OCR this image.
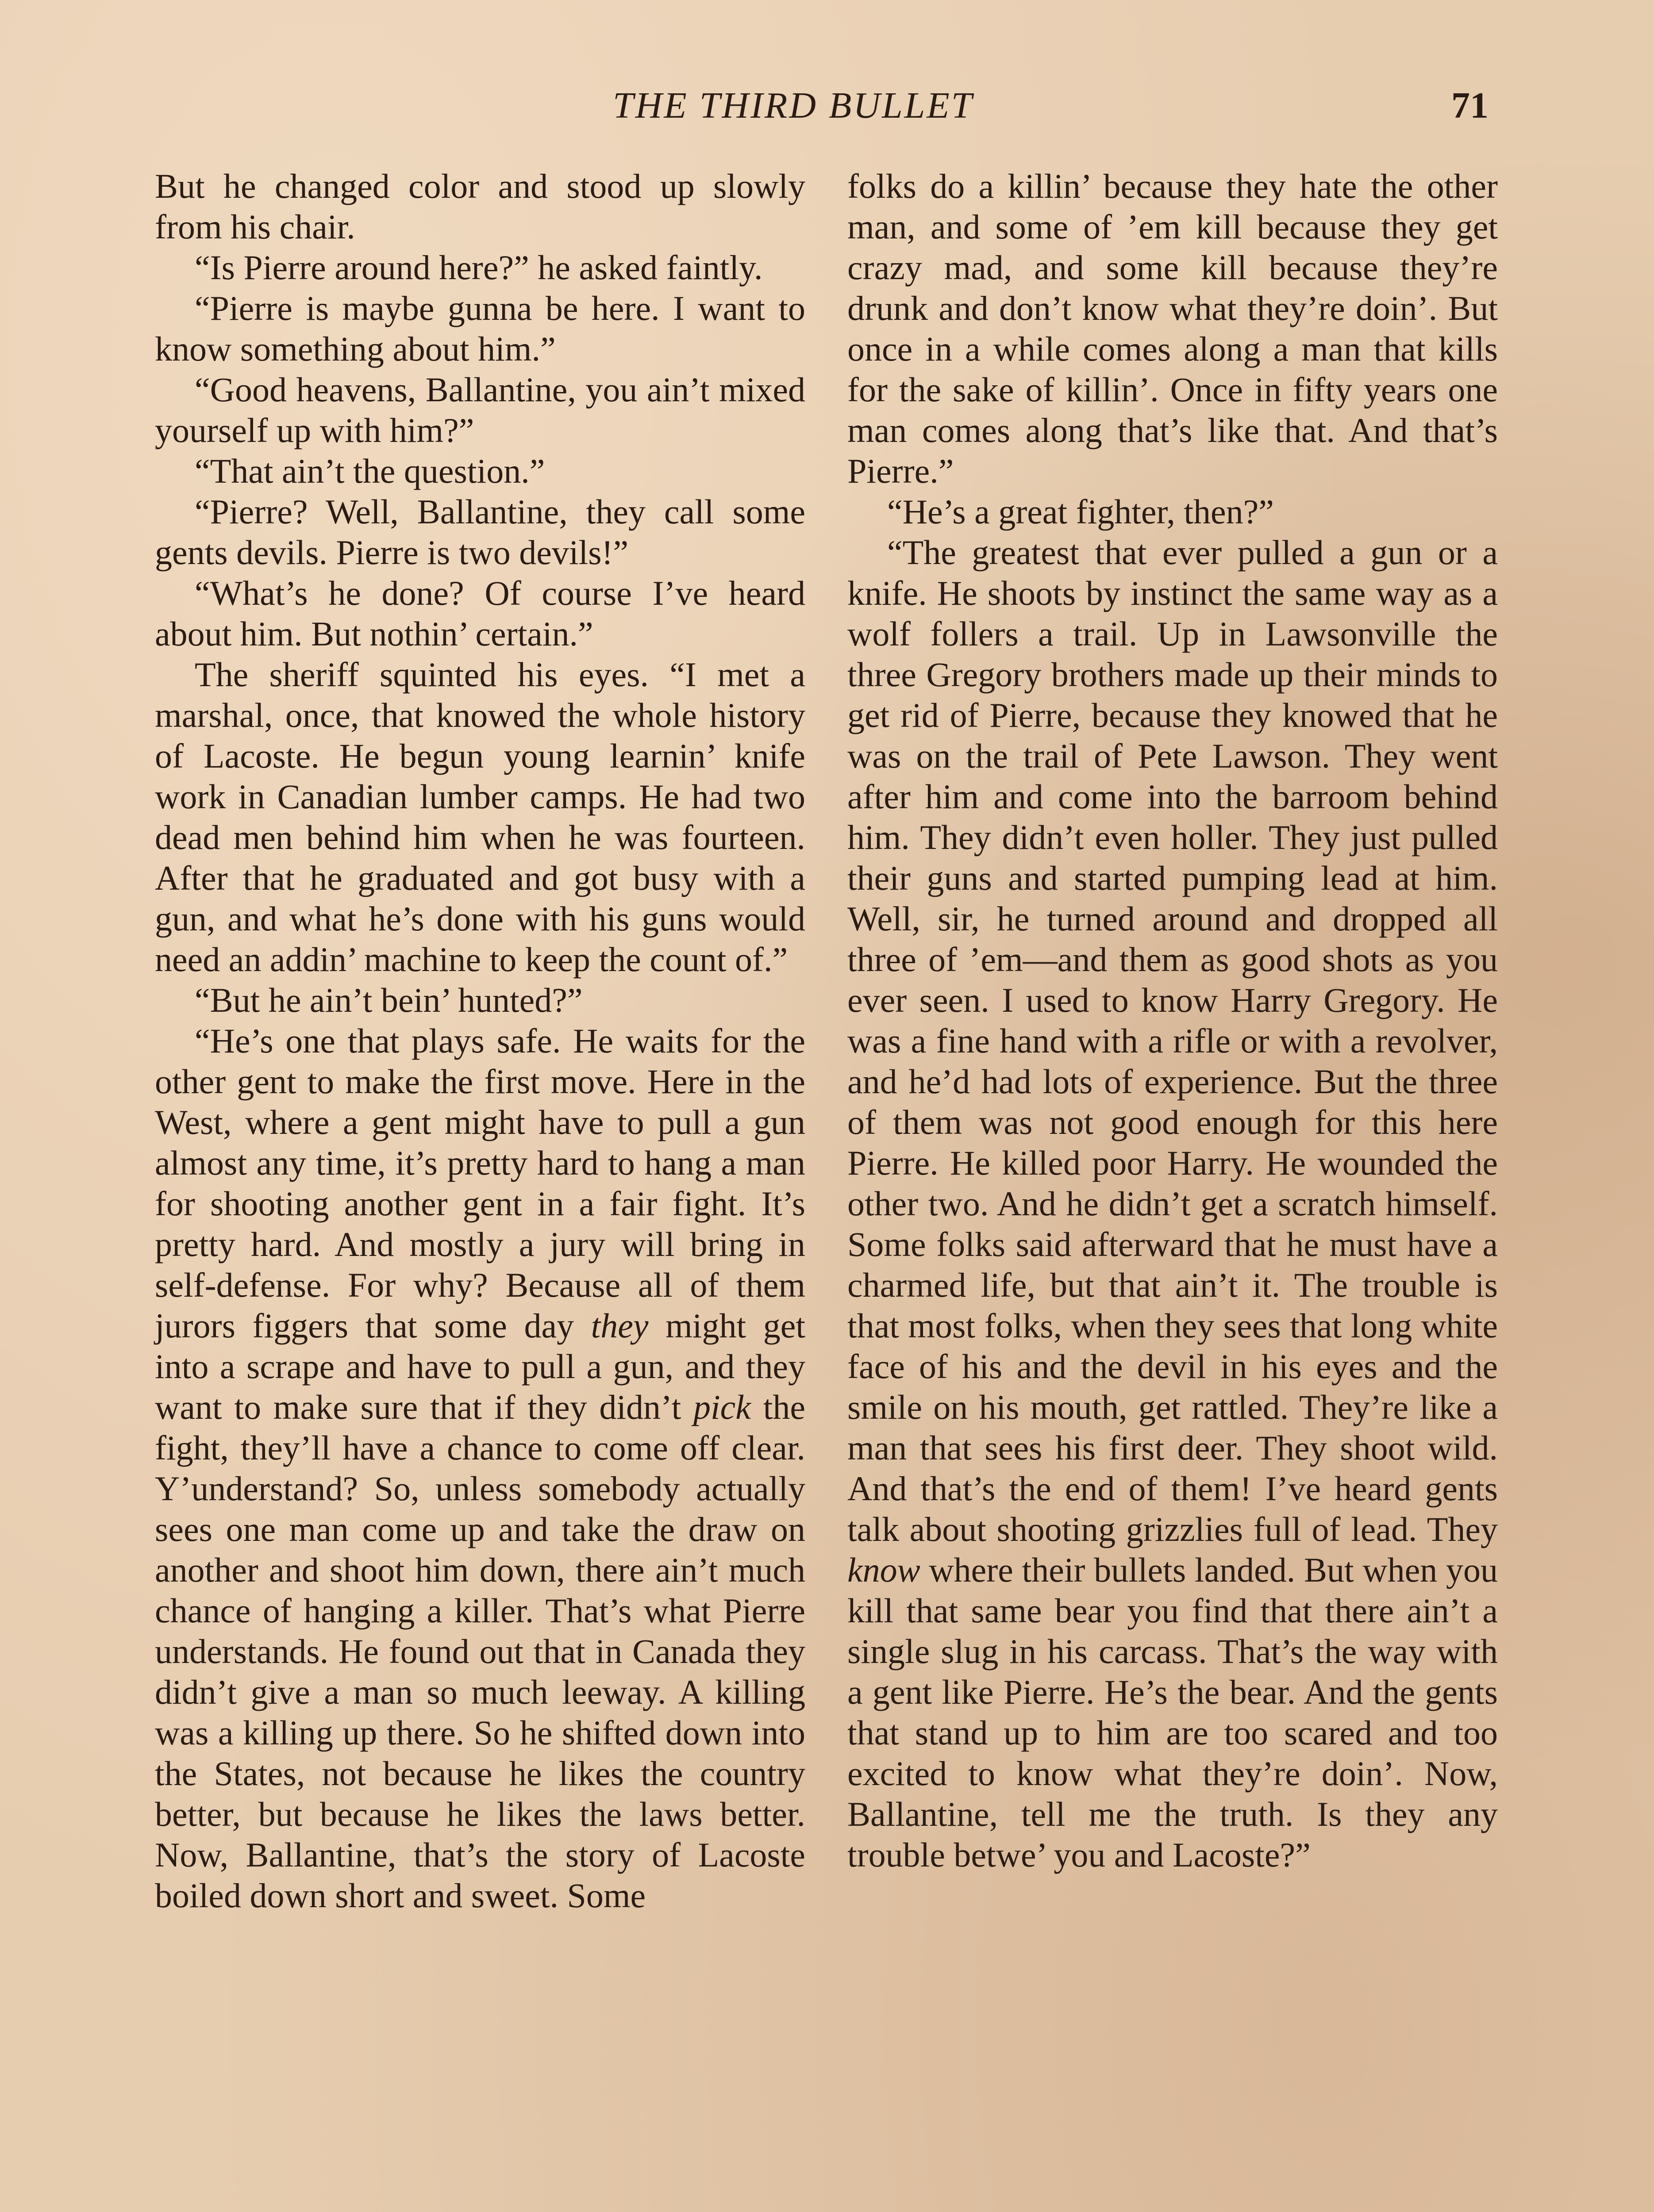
THE THIRD BULLET	71

But he changed color and stood up slowly from his chair.

“Is Pierre around here?” he asked faintly.

“Pierre is maybe gunna be here. I want to know something about him.”

“Good heavens, Ballantine, you ain’t mixed yourself up with him?”

“That ain’t the question.”

“Pierre? Well, Ballantine, they call some gents devils. Pierre is two devils!”

“What’s he done? Of course I’ve heard about him. But nothin’ certain.”

The sheriff squinted his eyes. “I met a marshal, once, that knowed the whole history of Lacoste. He begun young learnin’ knife work in Canadian lumber camps. He had two dead men behind him when he was fourteen. After that he graduated and got busy with a gun, and what he’s done with his guns would need an addin’ machine to keep the count of.”

“But he ain’t bein’ hunted?”

“He’s one that plays safe. He waits for the other gent to make the first move. Here in the West, where a gent might have to pull a gun almost any time, it’s pretty hard to hang a man for shooting another gent in a fair fight. It’s pretty hard. And mostly a jury will bring in self-defense. For why? Because all of them jurors figgers that some day they might get into a scrape and have to pull a gun, and they want to make sure that if they didn’t pick the fight, they’ll have a chance to come off clear. Y’understand? So, unless somebody actually sees one man come up and take the draw on another and shoot him down, there ain’t much chance of hanging a killer. That’s what Pierre understands. He found out that in Canada they didn’t give a man so much leeway. A killing was a killing up there. So he shifted down into the States, not because he likes the country better, but because he likes the laws better. Now, Ballantine, that’s the story of Lacoste boiled down short and sweet. Some

folks do a killin’ because they hate the other man, and some of ’em kill because they get crazy mad, and some kill because they’re drunk and don’t know what they’re doin’. But once in a while comes along a man that kills for the sake of killin’. Once in fifty years one man comes along that’s like that. And that’s Pierre.”

“He’s a great fighter, then?”

“The greatest that ever pulled a gun or a knife. He shoots by instinct the same way as a wolf follers a trail. Up in Lawsonville the three Gregory brothers made up their minds to get rid of Pierre, because they knowed that he was on the trail of Pete Lawson. They went after him and come into the barroom behind him. They didn’t even holler. They just pulled their guns and started pumping lead at him. Well, sir, he turned around and dropped all three of ’em—and them as good shots as you ever seen. I used to know Harry Gregory. He was a fine hand with a rifle or with a revolver, and he’d had lots of experience. But the three of them was not good enough for this here Pierre. He killed poor Harry. He wounded the other two. And he didn’t get a scratch himself. Some folks said afterward that he must have a charmed life, but that ain’t it. The trouble is that most folks, when they sees that long white face of his and the devil in his eyes and the smile on his mouth, get rattled. They’re like a man that sees his first deer. They shoot wild. And that’s the end of them! I’ve heard gents talk about shooting grizzlies full of lead. They know where their bullets landed. But when you kill that same bear you find that there ain’t a single slug in his carcass. That’s the way with a gent like Pierre. He’s the bear. And the gents that stand up to him are too scared and too excited to know what they’re doin’. Now, Ballantine, tell me the truth. Is they any trouble betwe’ you and Lacoste?”
